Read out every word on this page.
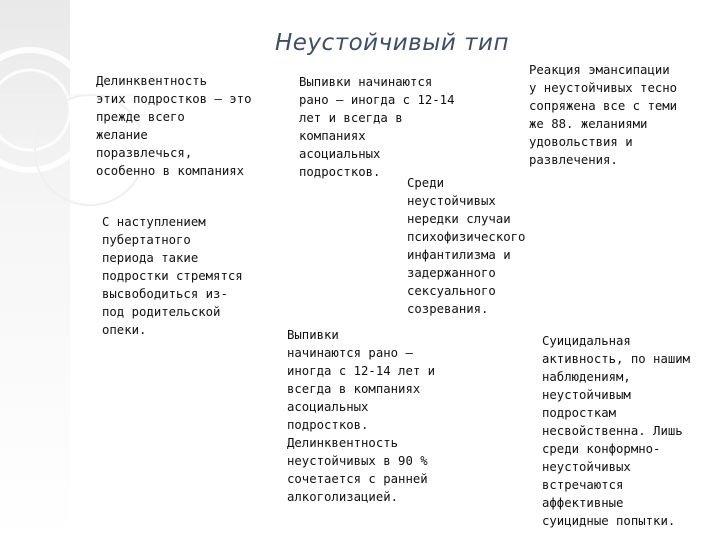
Неустойчивый тип

Делинквентность
этих подростков — это
прежде всего
желание
поразвлечься,
особенно в компаниях

С наступлением
пубертатного
периода такие
подростки стремятся
высвободиться из-
под родительской
опеки.

Выпивки начинаются
рано — иногда с 12-14
лет и всегда в
компаниях
асоциальных
подростков.

Реакция эмансипации
у неустойчивых тесно
сопряжена все с теми
же 88. желаниями
удовольствия и
развлечения.

Среди
неустойчивых
нередки случаи
психофизического
инфантилизма и
задержанного
сексуального
созревания.

Выпивки
начинаются рано —
иногда с 12-14 лет и
всегда в компаниях
асоциальных
подростков.
Делинквентность
неустойчивых в 90 %
сочетается с ранней
алкоголизацией.

Суицидальная
активность, по нашим
наблюдениям,
неустойчивым
подросткам
несвойственна. Лишь
среди конформно-
неустойчивых
встречаются
аффективные
суицидные попытки.
